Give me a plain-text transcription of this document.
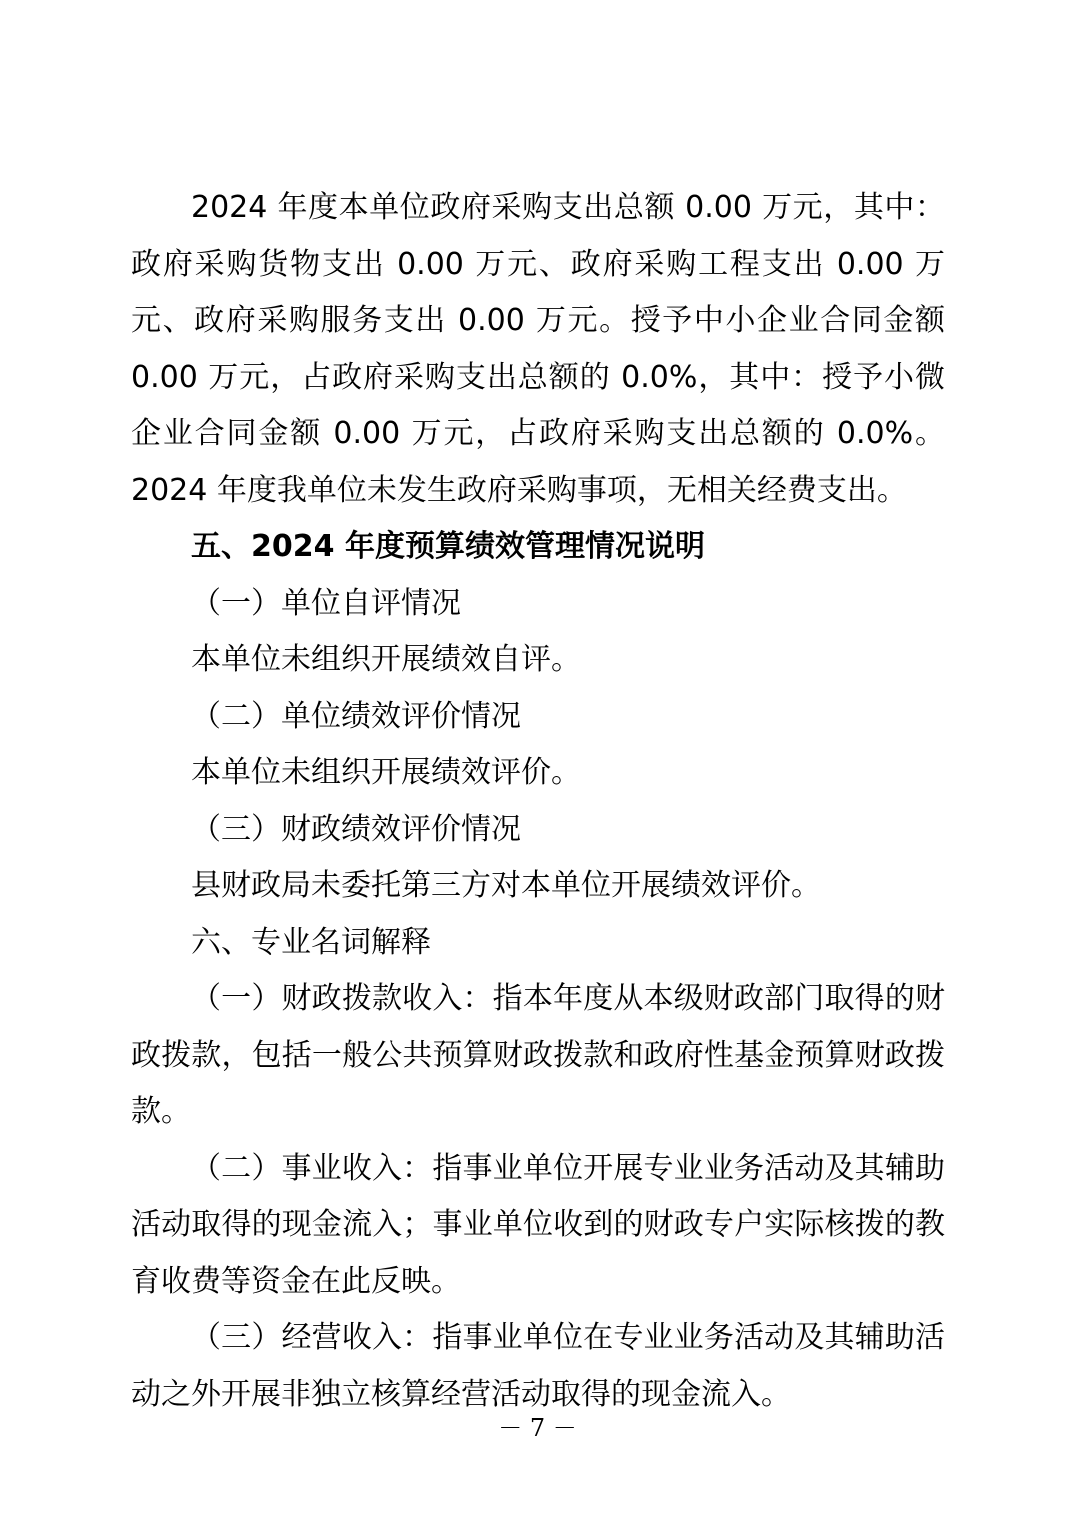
2024 年度本单位政府采购支出总额 0.00 万元，其中：政府采购货物支出 0.00 万元、政府采购工程支出 0.00 万元、政府采购服务支出 0.00 万元。授予中小企业合同金额 0.00 万元，占政府采购支出总额的 0.0%，其中：授予小微企业合同金额 0.00 万元，占政府采购支出总额的 0.0%。2024 年度我单位未发生政府采购事项，无相关经费支出。

五、2024 年度预算绩效管理情况说明

（一）单位自评情况

本单位未组织开展绩效自评。

（二）单位绩效评价情况

本单位未组织开展绩效评价。

（三）财政绩效评价情况

县财政局未委托第三方对本单位开展绩效评价。

六、专业名词解释

（一）财政拨款收入：指本年度从本级财政部门取得的财政拨款，包括一般公共预算财政拨款和政府性基金预算财政拨款。

（二）事业收入：指事业单位开展专业业务活动及其辅助活动取得的现金流入；事业单位收到的财政专户实际核拨的教育收费等资金在此反映。

（三）经营收入：指事业单位在专业业务活动及其辅助活动之外开展非独立核算经营活动取得的现金流入。

－ 7 －
